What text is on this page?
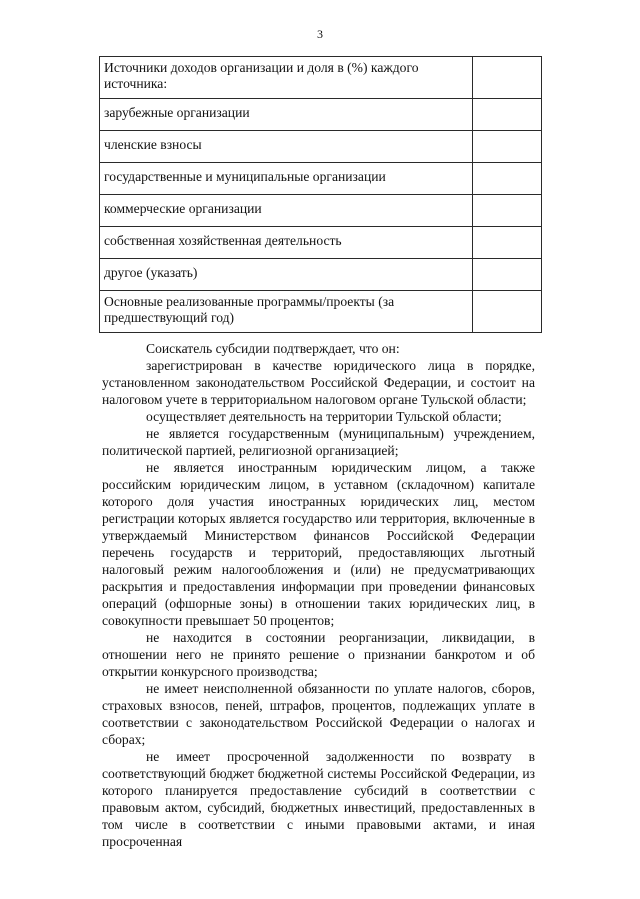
3
Источники доходов организации и доля в (%) каждого источника:	
зарубежные организации	
членские взносы	
государственные и муниципальные организации	
коммерческие организации	
собственная хозяйственная деятельность	
другое (указать)	
Основные реализованные программы/проекты (за предшествующий год)	

Соискатель субсидии подтверждает, что он:

зарегистрирован в качестве юридического лица в порядке, установленном законодательством Российской Федерации, и состоит на налоговом учете в территориальном налоговом органе Тульской области;

осуществляет деятельность на территории Тульской области;

не является государственным (муниципальным) учреждением, политической партией, религиозной организацией;

не является иностранным юридическим лицом, а также российским юридическим лицом, в уставном (складочном) капитале которого доля участия иностранных юридических лиц, местом регистрации которых является государство или территория, включенные в утверждаемый Министерством финансов Российской Федерации перечень государств и территорий, предоставляющих льготный налоговый режим налогообложения и (или) не предусматривающих раскрытия и предоставления информации при проведении финансовых операций (офшорные зоны) в отношении таких юридических лиц, в совокупности превышает 50 процентов;

не находится в состоянии реорганизации, ликвидации, в отношении него не принято решение о признании банкротом и об открытии конкурсного производства;

не имеет неисполненной обязанности по уплате налогов, сборов, страховых взносов, пеней, штрафов, процентов, подлежащих уплате в соответствии с законодательством Российской Федерации о налогах и сборах;

не имеет просроченной задолженности по возврату в соответствующий бюджет бюджетной системы Российской Федерации, из которого планируется предоставление субсидий в соответствии с правовым актом, субсидий, бюджетных инвестиций, предоставленных в том числе в соответствии с иными правовыми актами, и иная просроченная
